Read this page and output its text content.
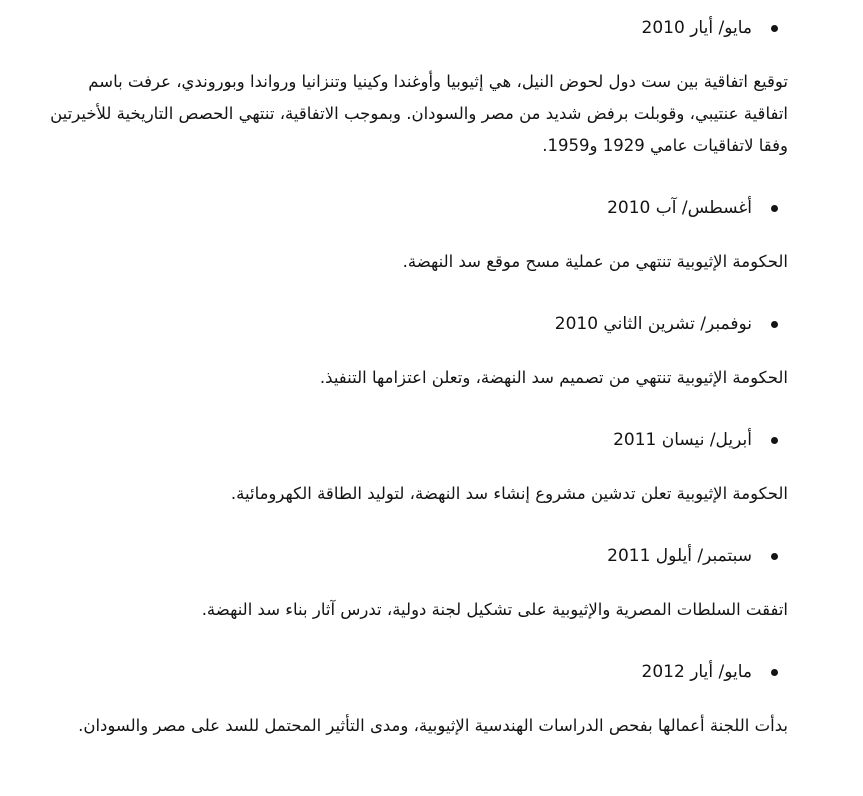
مايو/ أيار 2010

توقيع اتفاقية بين ست دول لحوض النيل، هي إثيوبيا وأوغندا وكينيا وتنزانيا ورواندا وبوروندي، عرفت باسم اتفاقية عنتيبي، وقوبلت برفض شديد من مصر والسودان. وبموجب الاتفاقية، تنتهي الحصص التاريخية للأخيرتين وفقا لاتفاقيات عامي 1929 و1959.

أغسطس/ آب 2010

الحكومة الإثيوبية تنتهي من عملية مسح موقع سد النهضة.

نوفمبر/ تشرين الثاني 2010

الحكومة الإثيوبية تنتهي من تصميم سد النهضة، وتعلن اعتزامها التنفيذ.

أبريل/ نيسان 2011

الحكومة الإثيوبية تعلن تدشين مشروع إنشاء سد النهضة، لتوليد الطاقة الكهرومائية.

سبتمبر/ أيلول 2011

اتفقت السلطات المصرية والإثيوبية على تشكيل لجنة دولية، تدرس آثار بناء سد النهضة.

مايو/ أيار 2012

بدأت اللجنة أعمالها بفحص الدراسات الهندسية الإثيوبية، ومدى التأثير المحتمل للسد على مصر والسودان.
